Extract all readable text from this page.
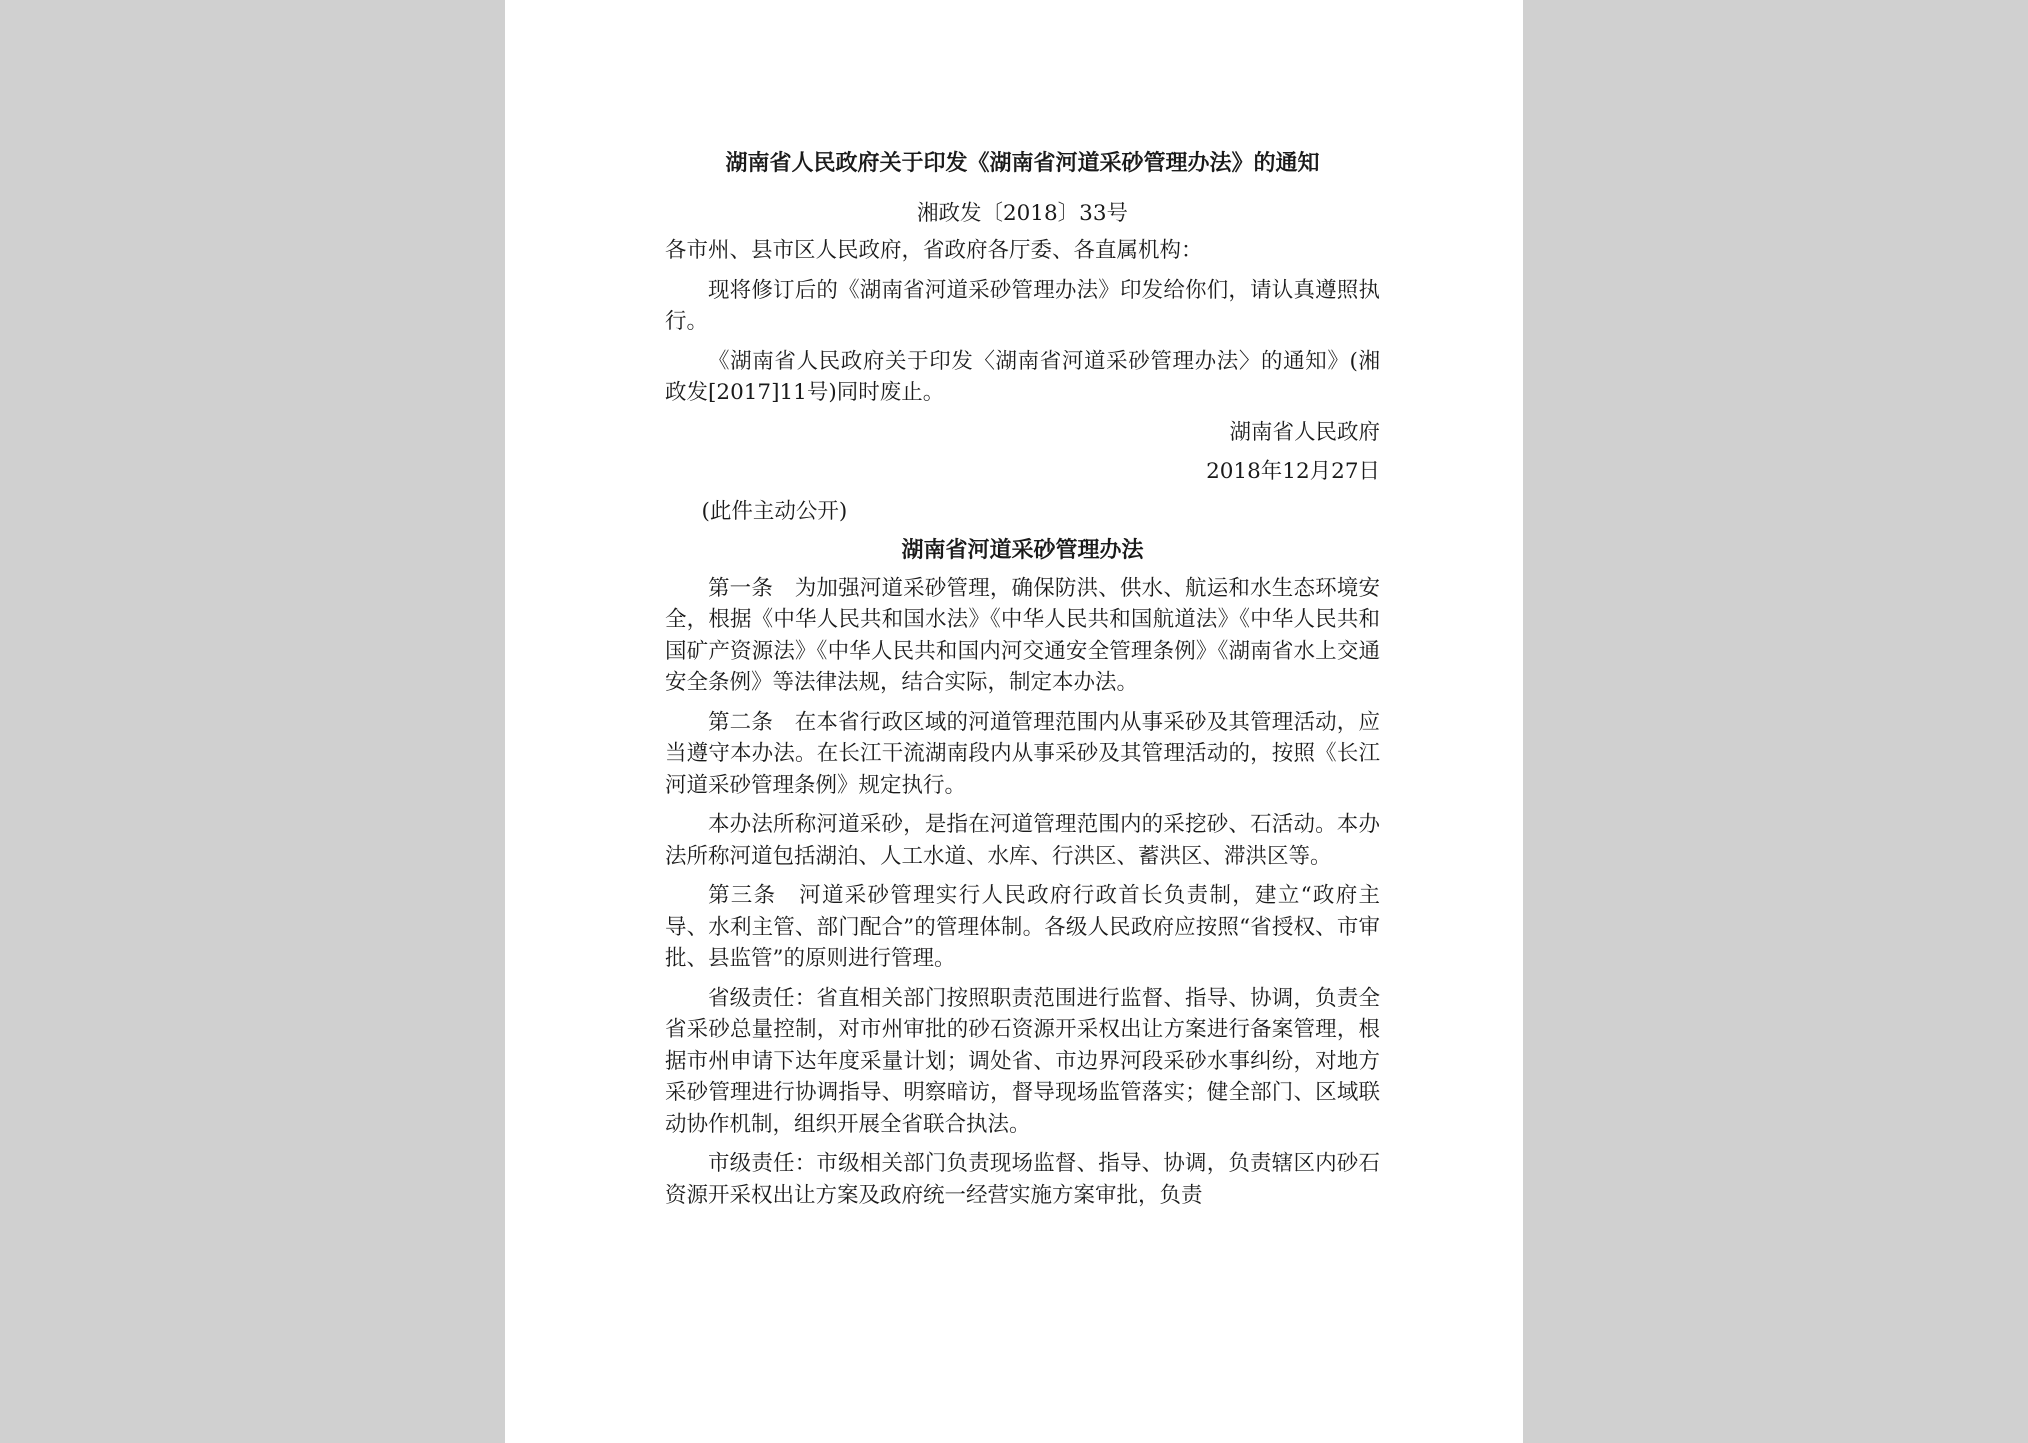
湖南省人民政府关于印发《湖南省河道采砂管理办法》的通知
湘政发〔2018〕33号
各市州、县市区人民政府，省政府各厅委、各直属机构：
现将修订后的《湖南省河道采砂管理办法》印发给你们，请认真遵照执行。
《湖南省人民政府关于印发〈湖南省河道采砂管理办法〉的通知》(湘政发[2017]11号)同时废止。
湖南省人民政府
2018年12月27日
(此件主动公开)
湖南省河道采砂管理办法
第一条　为加强河道采砂管理，确保防洪、供水、航运和水生态环境安全，根据《中华人民共和国水法》《中华人民共和国航道法》《中华人民共和国矿产资源法》《中华人民共和国内河交通安全管理条例》《湖南省水上交通安全条例》等法律法规，结合实际，制定本办法。
第二条　在本省行政区域的河道管理范围内从事采砂及其管理活动，应当遵守本办法。在长江干流湖南段内从事采砂及其管理活动的，按照《长江河道采砂管理条例》规定执行。
本办法所称河道采砂，是指在河道管理范围内的采挖砂、石活动。本办法所称河道包括湖泊、人工水道、水库、行洪区、蓄洪区、滞洪区等。
第三条　河道采砂管理实行人民政府行政首长负责制，建立“政府主导、水利主管、部门配合”的管理体制。各级人民政府应按照“省授权、市审批、县监管”的原则进行管理。
省级责任：省直相关部门按照职责范围进行监督、指导、协调，负责全省采砂总量控制，对市州审批的砂石资源开采权出让方案进行备案管理，根据市州申请下达年度采量计划；调处省、市边界河段采砂水事纠纷，对地方采砂管理进行协调指导、明察暗访，督导现场监管落实；健全部门、区域联动协作机制，组织开展全省联合执法。
市级责任：市级相关部门负责现场监督、指导、协调，负责辖区内砂石资源开采权出让方案及政府统一经营实施方案审批，负责
